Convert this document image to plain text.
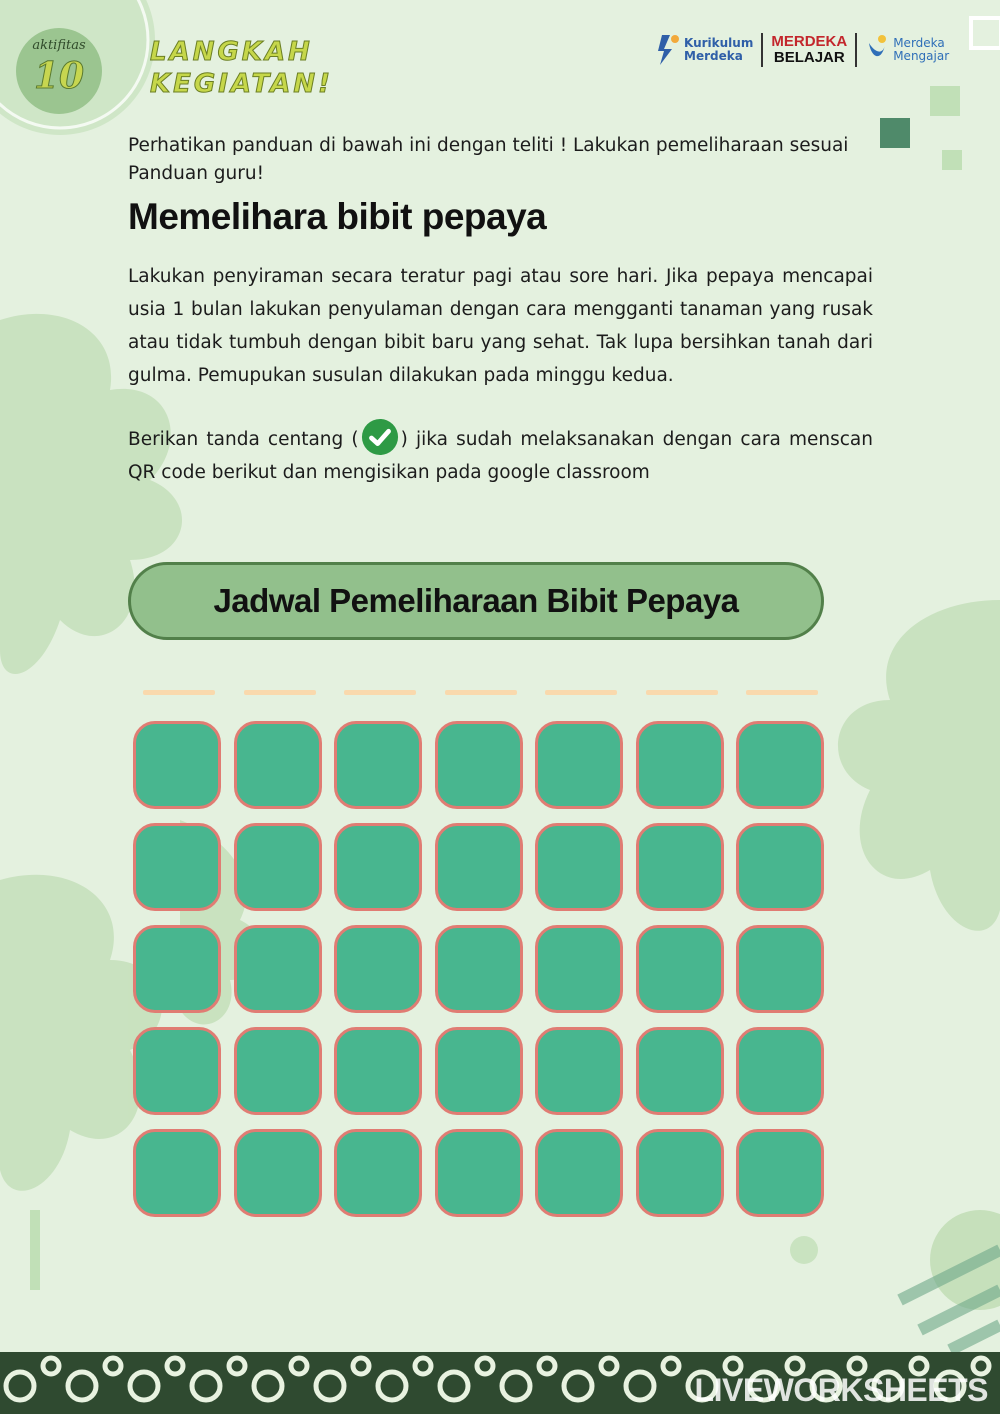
aktifitas
10
LANGKAH
KEGIATAN!
Kurikulum
Merdeka
MERDEKA
BELAJAR
Merdeka
Mengajar
Perhatikan panduan di bawah ini dengan teliti ! Lakukan pemeliharaan sesuai Panduan guru!
Memelihara bibit pepaya

Lakukan penyiraman secara teratur pagi atau sore hari. Jika pepaya mencapai usia 1 bulan lakukan penyulaman dengan cara mengganti tanaman yang rusak atau tidak tumbuh dengan bibit baru yang sehat. Tak lupa bersihkan tanah dari gulma. Pemupukan susulan dilakukan pada minggu kedua.

Berikan tanda centang ( ) jika sudah melaksanakan dengan cara menscan QR code berikut dan mengisikan pada google classroom

Jadwal Pemeliharaan Bibit Pepaya
LIVEWORKSHEETS
